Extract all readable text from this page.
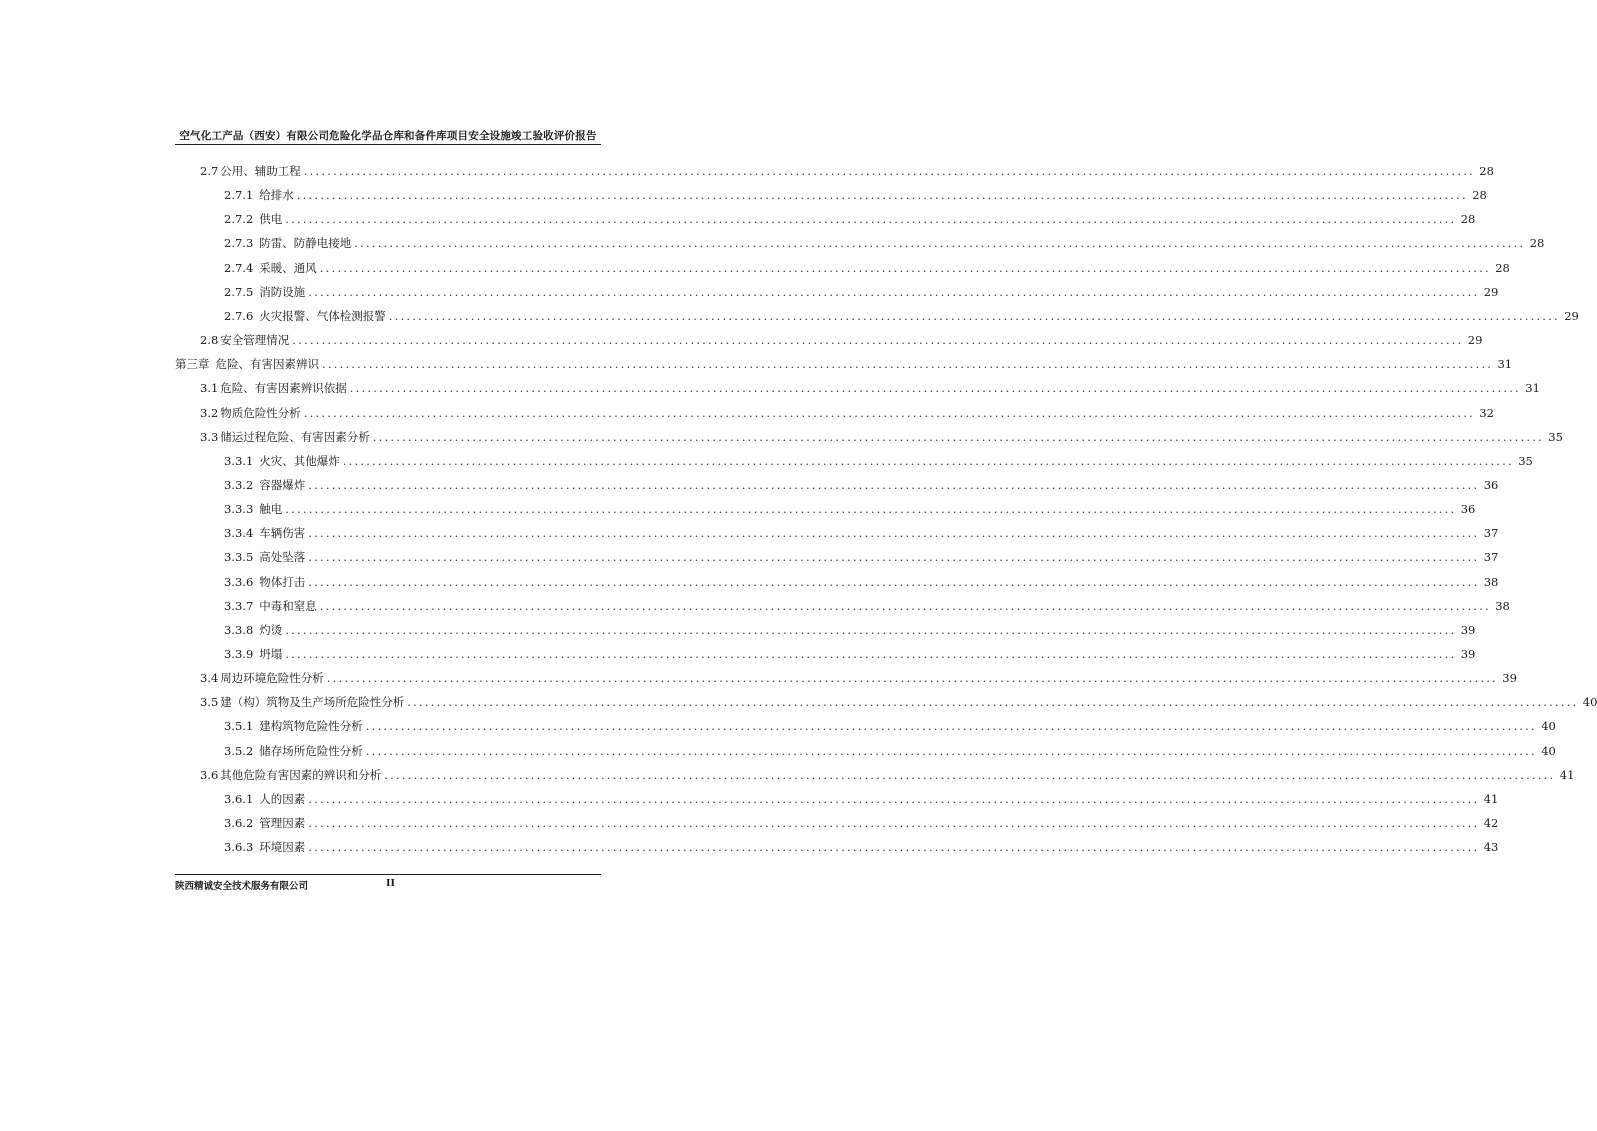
空气化工产品（西安）有限公司危险化学品仓库和备件库项目安全设施竣工验收评价报告
2.7 公用、辅助工程 ........................................................................................................................................................................................................ 28
2.7.1 给排水 ........................................................................................................................................................................................................ 28
2.7.2 供电 ........................................................................................................................................................................................................ 28
2.7.3 防雷、防静电接地 ........................................................................................................................................................................................................ 28
2.7.4 采暖、通风 ........................................................................................................................................................................................................ 28
2.7.5 消防设施 ........................................................................................................................................................................................................ 29
2.7.6 火灾报警、气体检测报警 ........................................................................................................................................................................................................ 29
2.8 安全管理情况 ........................................................................................................................................................................................................ 29
第三章 危险、有害因素辨识 ........................................................................................................................................................................................................ 31
3.1 危险、有害因素辨识依据 ........................................................................................................................................................................................................ 31
3.2 物质危险性分析 ........................................................................................................................................................................................................ 32
3.3 储运过程危险、有害因素分析 ........................................................................................................................................................................................................ 35
3.3.1 火灾、其他爆炸 ........................................................................................................................................................................................................ 35
3.3.2 容器爆炸 ........................................................................................................................................................................................................ 36
3.3.3 触电 ........................................................................................................................................................................................................ 36
3.3.4 车辆伤害 ........................................................................................................................................................................................................ 37
3.3.5 高处坠落 ........................................................................................................................................................................................................ 37
3.3.6 物体打击 ........................................................................................................................................................................................................ 38
3.3.7 中毒和窒息 ........................................................................................................................................................................................................ 38
3.3.8 灼烫 ........................................................................................................................................................................................................ 39
3.3.9 坍塌 ........................................................................................................................................................................................................ 39
3.4 周边环境危险性分析 ........................................................................................................................................................................................................ 39
3.5 建（构）筑物及生产场所危险性分析 ........................................................................................................................................................................................................ 40
3.5.1 建构筑物危险性分析 ........................................................................................................................................................................................................ 40
3.5.2 储存场所危险性分析 ........................................................................................................................................................................................................ 40
3.6 其他危险有害因素的辨识和分析 ........................................................................................................................................................................................................ 41
3.6.1 人的因素 ........................................................................................................................................................................................................ 41
3.6.2 管理因素 ........................................................................................................................................................................................................ 42
3.6.3 环境因素 ........................................................................................................................................................................................................ 43
陕西精诚安全技术服务有限公司	II
